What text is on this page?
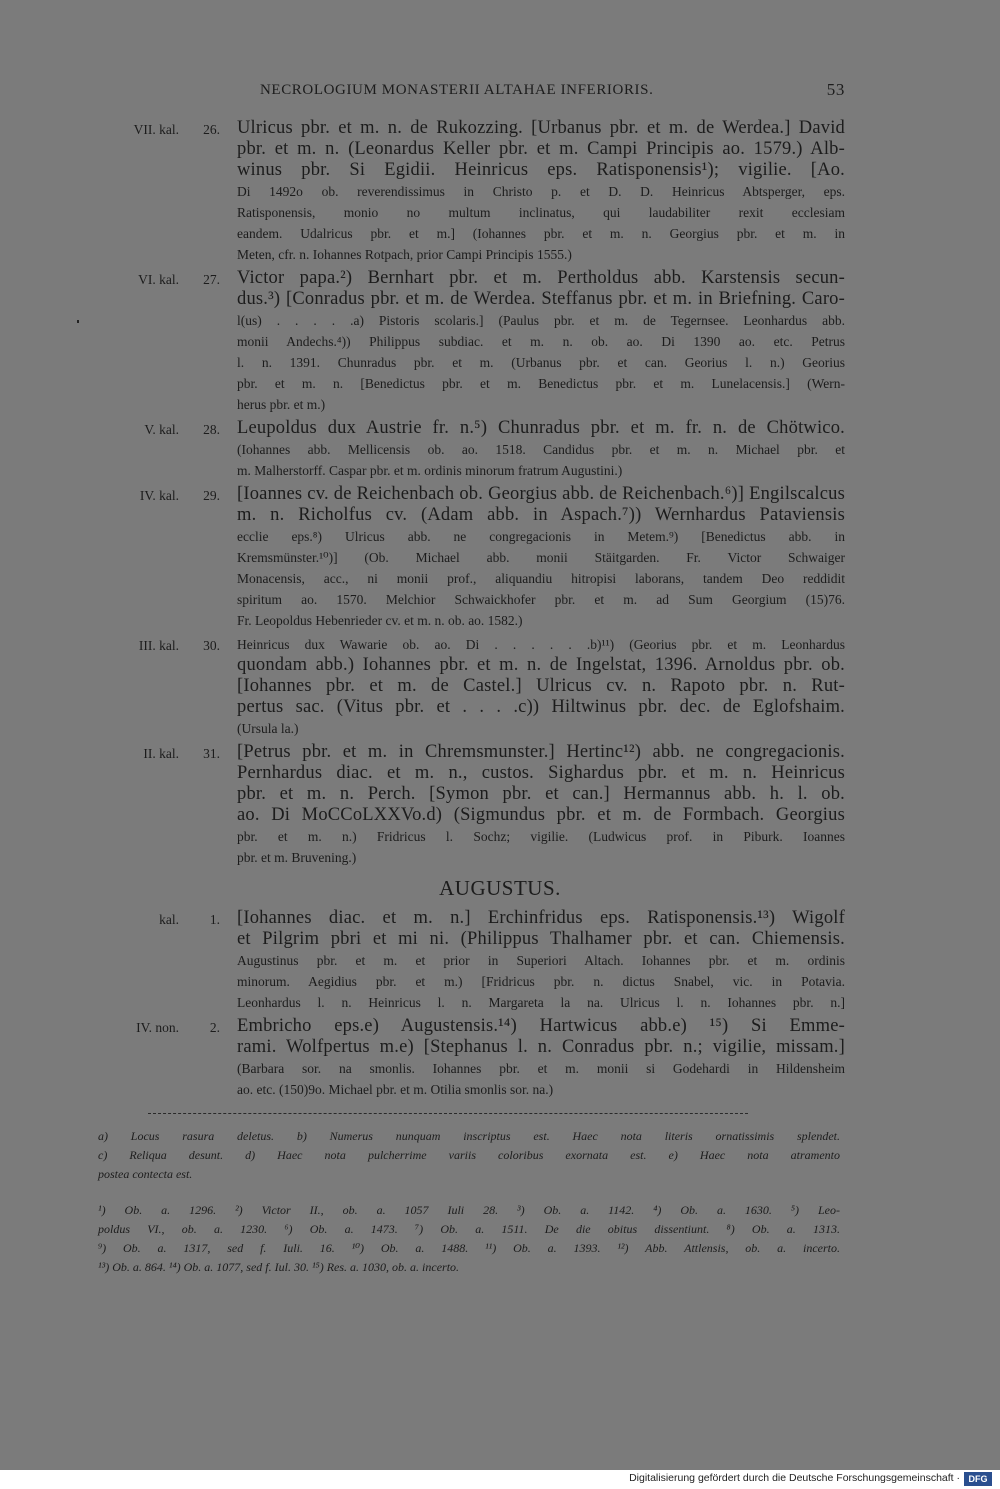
NECROLOGIUM MONASTERII ALTAHAE INFERIORIS.	53
VII. kal.	26. Ulricus pbr. et m. n. de Rukozzing. [Urbanus pbr. et m. de Werdea.] David
pbr. et m. n. (Leonardus Keller pbr. et m. Campi Principis ao. 1579.) Alb-
winus pbr. Si Egidii. Heinricus eps. Ratisponensis¹); vigilie. [Ao.
Di 1492o ob. reverendissimus in Christo p. et D. D. Heinricus Abtsperger, eps.
Ratisponensis, monio no multum inclinatus, qui laudabiliter rexit ecclesiam
eandem. Udalricus pbr. et m.] (Iohannes pbr. et m. n. Georgius pbr. et m. in
Meten, cfr. n. Iohannes Rotpach, prior Campi Principis 1555.)
VI. kal.	27. Victor papa.²) Bernhart pbr. et m. Pertholdus abb. Karstensis secun-
dus.³) [Conradus pbr. et m. de Werdea. Steffanus pbr. et m. in Briefning. Caro-
l(us) . . . . .a) Pistoris scolaris.] (Paulus pbr. et m. de Tegernsee. Leonhardus abb.
monii Andechs.⁴)) Philippus subdiac. et m. n. ob. ao. Di 1390 ao. etc. Petrus
l. n. 1391. Chunradus pbr. et m. (Urbanus pbr. et can. Georius l. n.) Georius
pbr. et m. n. [Benedictus pbr. et m. Benedictus pbr. et m. Lunelacensis.] (Wern-
herus pbr. et m.)
V. kal.	28. Leupoldus dux Austrie fr. n.⁵) Chunradus pbr. et m. fr. n. de Chötwico.
(Iohannes abb. Mellicensis ob. ao. 1518. Candidus pbr. et m. n. Michael pbr. et
m. Malherstorff. Caspar pbr. et m. ordinis minorum fratrum Augustini.)
IV. kal.	29. [Ioannes cv. de Reichenbach ob. Georgius abb. de Reichenbach.⁶)] Engilscalcus
m. n. Richolfus cv. (Adam abb. in Aspach.⁷)) Wernhardus Pataviensis
ecclie eps.⁸) Ulricus abb. ne congregacionis in Metem.⁹) [Benedictus abb. in
Kremsmünster.¹⁰)] (Ob. Michael abb. monii Stäitgarden. Fr. Victor Schwaiger
Monacensis, acc., ni monii prof., aliquandiu hitropisi laborans, tandem Deo reddidit
spiritum ao. 1570. Melchior Schwaickhofer pbr. et m. ad Sum Georgium (15)76.
Fr. Leopoldus Hebenrieder cv. et m. n. ob. ao. 1582.)
III. kal.	30. Heinricus dux Wawarie ob. ao. Di . . . . . .b)¹¹) (Georius pbr. et m. Leonhardus
quondam abb.) Iohannes pbr. et m. n. de Ingelstat, 1396. Arnoldus pbr. ob.
[Iohannes pbr. et m. de Castel.] Ulricus cv. n. Rapoto pbr. n. Rut-
pertus sac. (Vitus pbr. et . . . .c)) Hiltwinus pbr. dec. de Eglofshaim.
(Ursula la.)
II. kal.	31. [Petrus pbr. et m. in Chremsmunster.] Hertinc¹²) abb. ne congregacionis.
Pernhardus diac. et m. n., custos. Sighardus pbr. et m. n. Heinricus
pbr. et m. n. Perch. [Symon pbr. et can.] Hermannus abb. h. l. ob.
ao. Di MoCCoLXXVo.d) (Sigmundus pbr. et m. de Formbach. Georgius
pbr. et m. n.) Fridricus l. Sochz; vigilie. (Ludwicus prof. in Piburk. Ioannes
pbr. et m. Bruvening.)
AUGUSTUS.
kal.	1. [Iohannes diac. et m. n.] Erchinfridus eps. Ratisponensis.¹³) Wigolf
et Pilgrim pbri et mi ni. (Philippus Thalhamer pbr. et can. Chiemensis.
Augustinus pbr. et m. et prior in Superiori Altach. Iohannes pbr. et m. ordinis
minorum. Aegidius pbr. et m.) [Fridricus pbr. n. dictus Snabel, vic. in Potavia.
Leonhardus l. n. Heinricus l. n. Margareta la na. Ulricus l. n. Iohannes pbr. n.]
IV. non.	2. Embricho eps.e) Augustensis.¹⁴) Hartwicus abb.e) ¹⁵) Si Emme-
rami. Wolfpertus m.e) [Stephanus l. n. Conradus pbr. n.; vigilie, missam.]
(Barbara sor. na smonlis. Iohannes pbr. et m. monii si Godehardi in Hildensheim
ao. etc. (150)9o. Michael pbr. et m. Otilia smonlis sor. na.)
a) Locus rasura deletus. b) Numerus nunquam inscriptus est. Haec nota literis ornatissimis splendet.
c) Reliqua desunt. d) Haec nota pulcherrime variis coloribus exornata est. e) Haec nota atramento
postea contecta est.
¹) Ob. a. 1296. ²) Victor II., ob. a. 1057 Iuli 28. ³) Ob. a. 1142. ⁴) Ob. a. 1630. ⁵) Leo-
poldus VI., ob. a. 1230. ⁶) Ob. a. 1473. ⁷) Ob. a. 1511. De die obitus dissentiunt. ⁸) Ob. a. 1313.
⁹) Ob. a. 1317, sed f. Iuli. 16. ¹⁰) Ob. a. 1488. ¹¹) Ob. a. 1393. ¹²) Abb. Attlensis, ob. a. incerto.
¹³) Ob. a. 864. ¹⁴) Ob. a. 1077, sed f. Iul. 30. ¹⁵) Res. a. 1030, ob. a. incerto.
Digitalisierung gefördert durch die Deutsche Forschungsgemeinschaft · DFG
